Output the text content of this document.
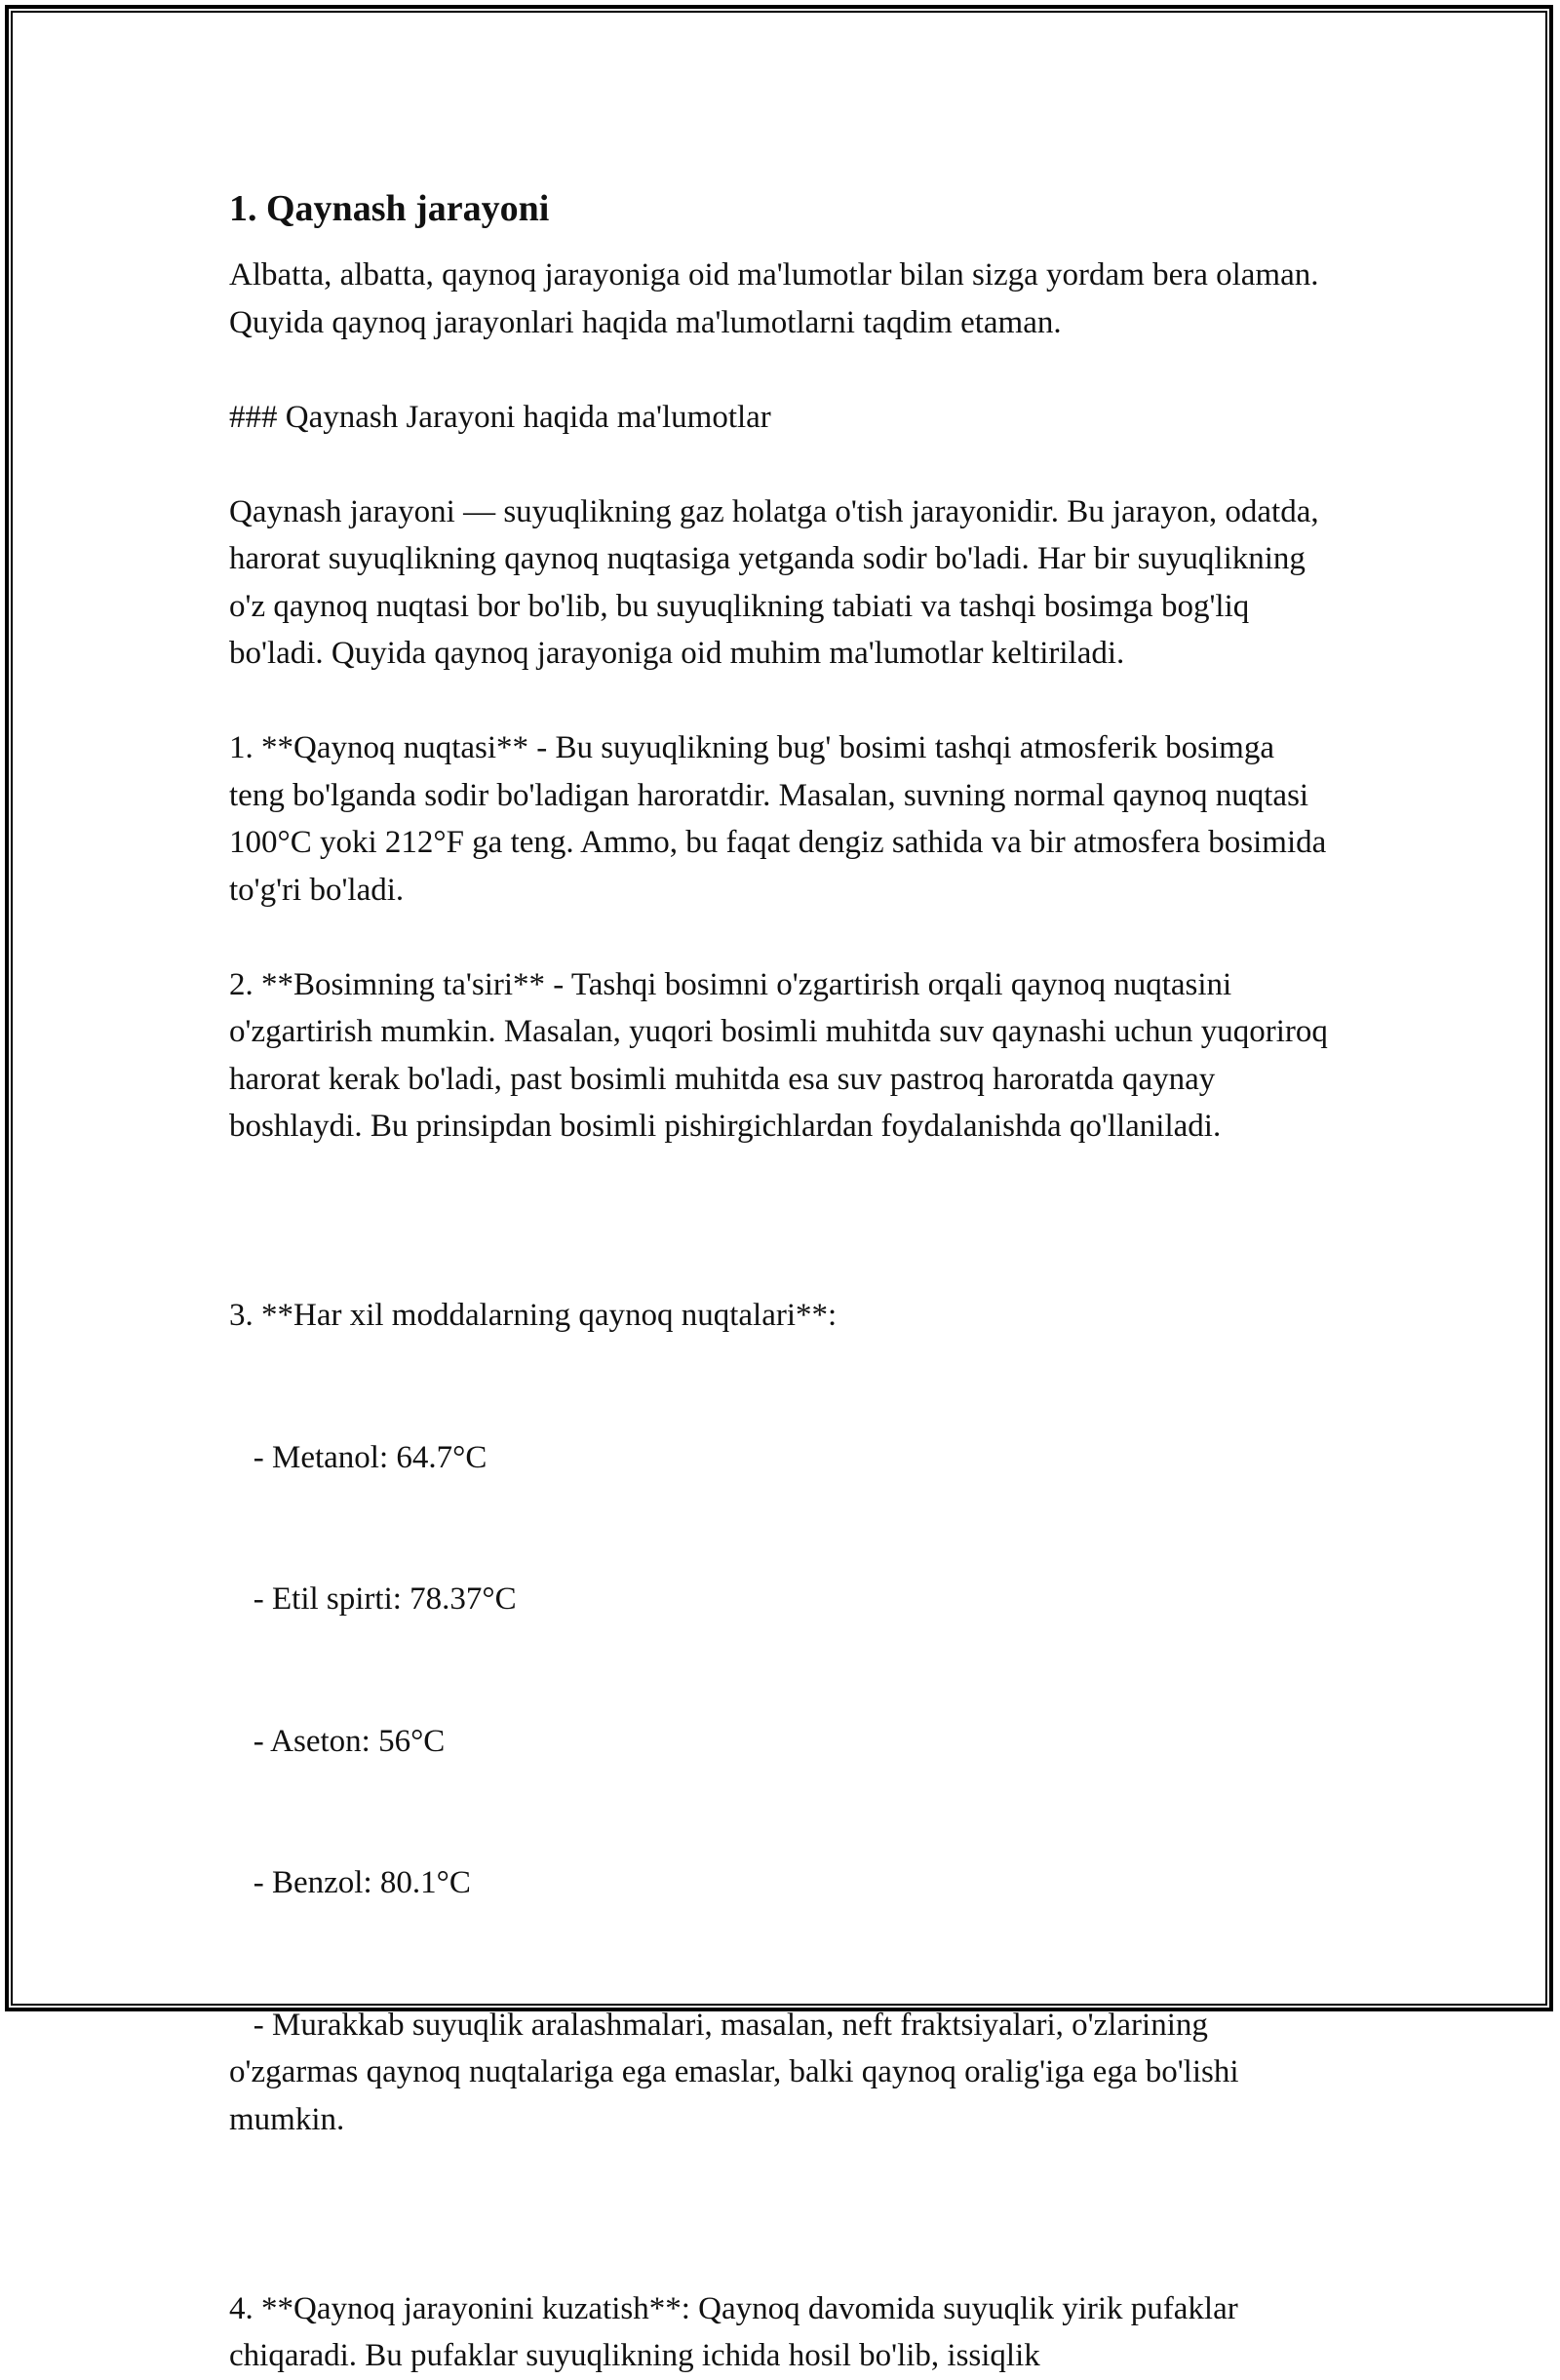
1. Qaynash jarayoni
Albatta, albatta, qaynoq jarayoniga oid ma'lumotlar bilan sizga yordam bera olaman. Quyida qaynoq jarayonlari haqida ma'lumotlarni taqdim etaman.
### Qaynash Jarayoni haqida ma'lumotlar
Qaynash jarayoni — suyuqlikning gaz holatga o'tish jarayonidir. Bu jarayon, odatda, harorat suyuqlikning qaynoq nuqtasiga yetganda sodir bo'ladi. Har bir suyuqlikning o'z qaynoq nuqtasi bor bo'lib, bu suyuqlikning tabiati va tashqi bosimga bog'liq bo'ladi. Quyida qaynoq jarayoniga oid muhim ma'lumotlar keltiriladi.
1. **Qaynoq nuqtasi** - Bu suyuqlikning bug' bosimi tashqi atmosferik bosimga teng bo'lganda sodir bo'ladigan haroratdir. Masalan, suvning normal qaynoq nuqtasi 100°C yoki 212°F ga teng. Ammo, bu faqat dengiz sathida va bir atmosfera bosimida to'g'ri bo'ladi.
2. **Bosimning ta'siri** - Tashqi bosimni o'zgartirish orqali qaynoq nuqtasini o'zgartirish mumkin. Masalan, yuqori bosimli muhitda suv qaynashi uchun yuqoriroq harorat kerak bo'ladi, past bosimli muhitda esa suv pastroq haroratda qaynay boshlaydi. Bu prinsipdan bosimli pishirgichlardan foydalanishda qo'llaniladi.

3. **Har xil moddalarning qaynoq nuqtalari**:

- Metanol: 64.7°C

- Etil spirti: 78.37°C

- Aseton: 56°C

- Benzol: 80.1°C

- Murakkab suyuqlik aralashmalari, masalan, neft fraktsiyalari, o'zlarining o'zgarmas qaynoq nuqtalariga ega emaslar, balki qaynoq oralig'iga ega bo'lishi mumkin.

4. **Qaynoq jarayonini kuzatish**: Qaynoq davomida suyuqlik yirik pufaklar chiqaradi. Bu pufaklar suyuqlikning ichida hosil bo'lib, issiqlik
